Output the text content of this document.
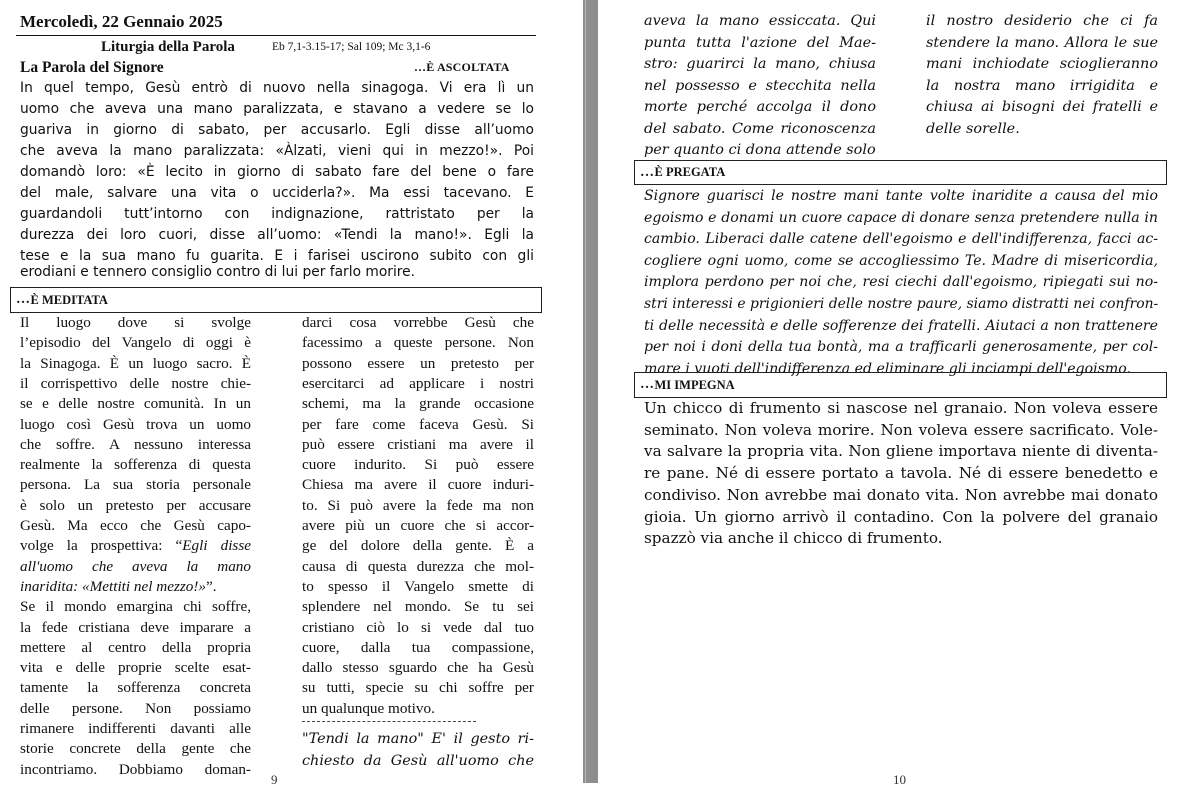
Mercoledì, 22 Gennaio 2025
Liturgia della Parola	Eb 7,1-3.15-17; Sal 109; Mc 3,1-6
La Parola del Signore	…È ASCOLTATA
In quel tempo, Gesù entrò di nuovo nella sinagoga. Vi era lì un
uomo che aveva una mano paralizzata, e stavano a vedere se lo
guariva in giorno di sabato, per accusarlo. Egli disse all’uomo
che aveva la mano paralizzata: «Àlzati, vieni qui in mezzo!». Poi
domandò loro: «È lecito in giorno di sabato fare del bene o fare
del male, salvare una vita o ucciderla?». Ma essi tacevano. E
guardandoli tutt’intorno con indignazione, rattristato per la
durezza dei loro cuori, disse all’uomo: «Tendi la mano!». Egli la
tese e la sua mano fu guarita. E i farisei uscirono subito con gli
erodiani e tennero consiglio contro di lui per farlo morire.
… È MEDITATA
Il luogo dove si svolge
l’episodio del Vangelo di oggi è
la Sinagoga. È un luogo sacro. È
il corrispettivo delle nostre chie-
se e delle nostre comunità. In un
luogo così Gesù trova un uomo
che soffre. A nessuno interessa
realmente la sofferenza di questa
persona. La sua storia personale
è solo un pretesto per accusare
Gesù. Ma ecco che Gesù capo-
volge la prospettiva: “Egli disse
all'uomo che aveva la mano
inaridita: «Mettiti nel mezzo!»”.
Se il mondo emargina chi soffre,
la fede cristiana deve imparare a
mettere al centro della propria
vita e delle proprie scelte esat-
tamente la sofferenza concreta
delle persone. Non possiamo
rimanere indifferenti davanti alle
storie concrete della gente che
incontriamo. Dobbiamo doman-
darci cosa vorrebbe Gesù che
facessimo a queste persone. Non
possono essere un pretesto per
esercitarci ad applicare i nostri
schemi, ma la grande occasione
per fare come faceva Gesù. Si
può essere cristiani ma avere il
cuore indurito. Si può essere
Chiesa ma avere il cuore induri-
to. Si può avere la fede ma non
avere più un cuore che si accor-
ge del dolore della gente. È a
causa di questa durezza che mol-
to spesso il Vangelo smette di
splendere nel mondo. Se tu sei
cristiano ciò lo si vede dal tuo
cuore, dalla tua compassione,
dallo stesso sguardo che ha Gesù
su tutti, specie su chi soffre per
un qualunque motivo.
"Tendi la mano" E' il gesto ri-
chiesto da Gesù all'uomo che
9
aveva la mano essiccata. Qui
punta tutta l'azione del Mae-
stro: guarirci la mano, chiusa
nel possesso e stecchita nella
morte perché accolga il dono
del sabato. Come riconoscenza
per quanto ci dona attende solo
il nostro desiderio che ci fa
stendere la mano. Allora le sue
mani inchiodate scioglieranno
la nostra mano irrigidita e
chiusa ai bisogni dei fratelli e
delle sorelle.
… È PREGATA
Signore guarisci le nostre mani tante volte inaridite a causa del mio
egoismo e donami un cuore capace di donare senza pretendere nulla in
cambio. Liberaci dalle catene dell'egoismo e dell'indifferenza, facci ac-
cogliere ogni uomo, come se accogliessimo Te. Madre di misericordia,
implora perdono per noi che, resi ciechi dall'egoismo, ripiegati sui no-
stri interessi e prigionieri delle nostre paure, siamo distratti nei confron-
ti delle necessità e delle sofferenze dei fratelli. Aiutaci a non trattenere
per noi i doni della tua bontà, ma a trafficarli generosamente, per col-
mare i vuoti dell'indifferenza ed eliminare gli inciampi dell'egoismo.
… MI IMPEGNA
Un chicco di frumento si nascose nel granaio. Non voleva essere
seminato. Non voleva morire. Non voleva essere sacrificato. Vole-
va salvare la propria vita. Non gliene importava niente di diventa-
re pane. Né di essere portato a tavola. Né di essere benedetto e
condiviso. Non avrebbe mai donato vita. Non avrebbe mai donato
gioia. Un giorno arrivò il contadino. Con la polvere del granaio
spazzò via anche il chicco di frumento.
10
